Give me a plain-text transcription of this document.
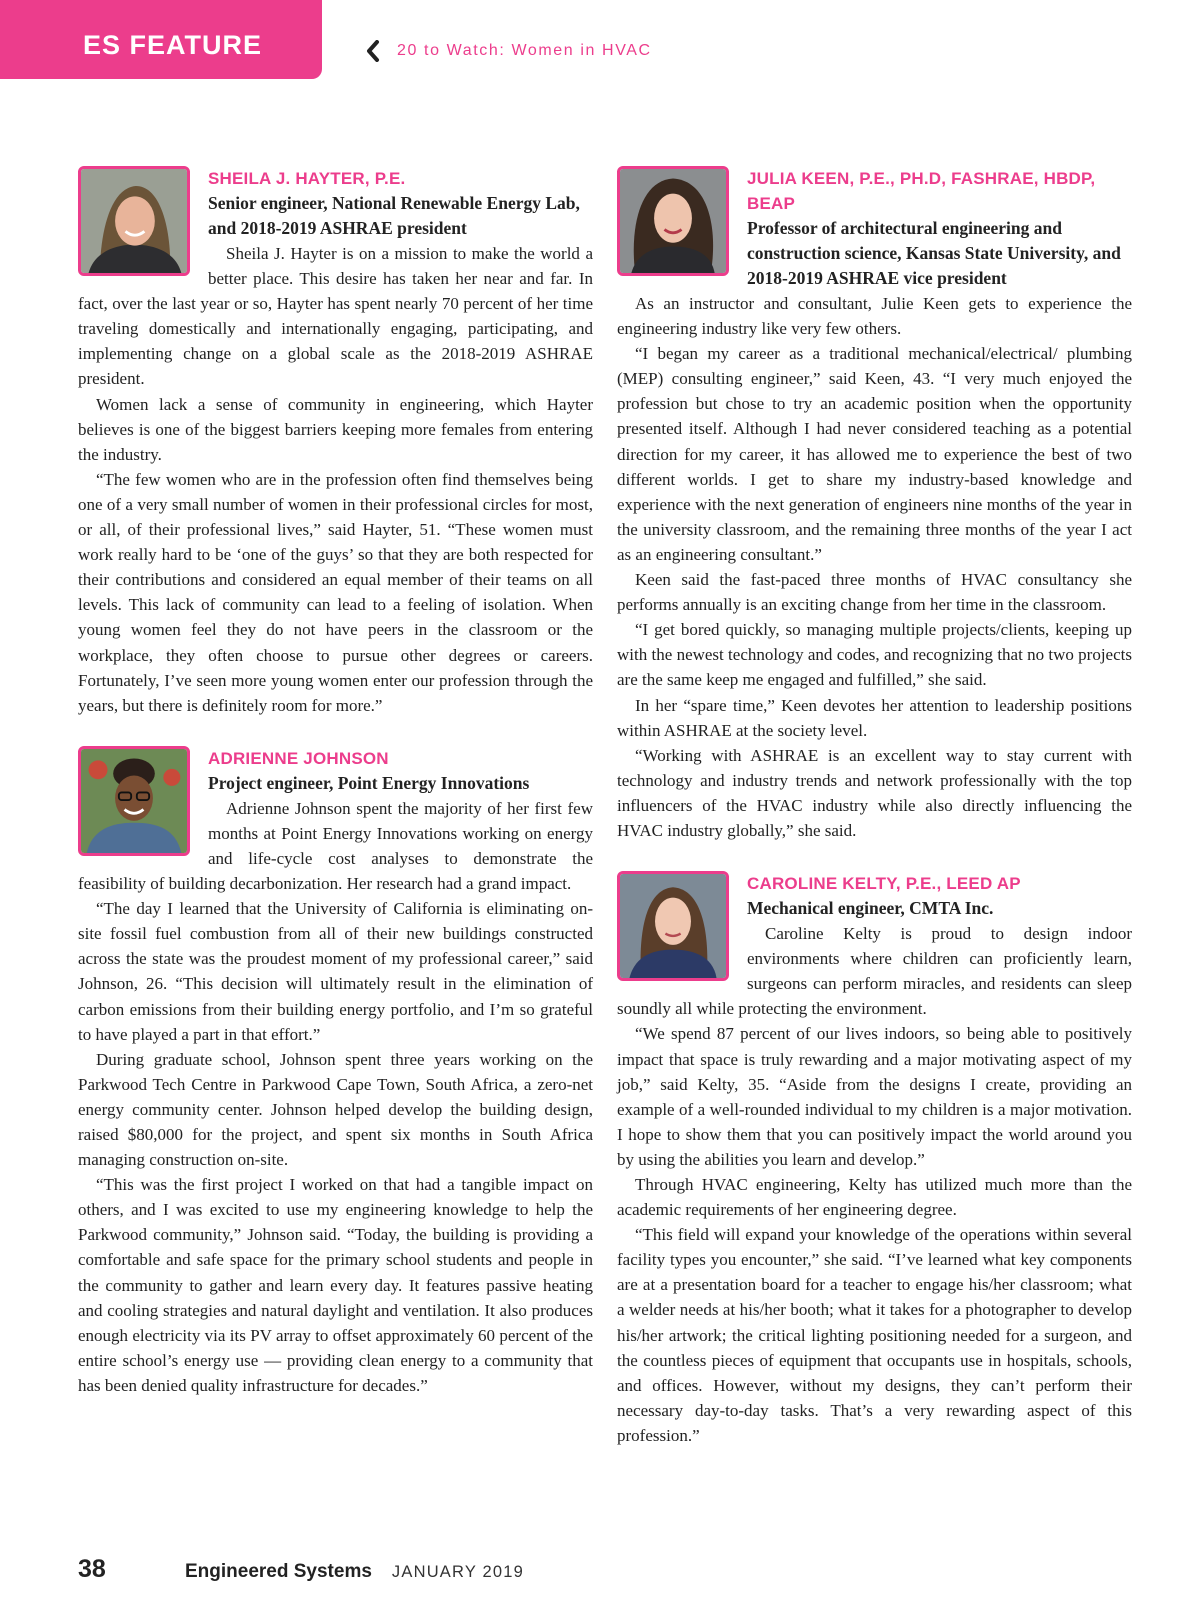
ES FEATURE	20 to Watch: Women in HVAC

SHEILA J. HAYTER, P.E.

Senior engineer, National Renewable Energy Lab, and 2018-2019 ASHRAE president

Sheila J. Hayter is on a mission to make the world a better place. This desire has taken her near and far. In fact, over the last year or so, Hayter has spent nearly 70 percent of her time traveling domestically and internationally engaging, participating, and implementing change on a global scale as the 2018-2019 ASHRAE president.

Women lack a sense of community in engineering, which Hayter believes is one of the biggest barriers keeping more females from entering the industry.

“The few women who are in the profession often find themselves being one of a very small number of women in their professional circles for most, or all, of their professional lives,” said Hayter, 51. “These women must work really hard to be ‘one of the guys’ so that they are both respected for their contributions and considered an equal member of their teams on all levels. This lack of community can lead to a feeling of isolation. When young women feel they do not have peers in the classroom or the workplace, they often choose to pursue other degrees or careers. Fortunately, I’ve seen more young women enter our profession through the years, but there is definitely room for more.”

ADRIENNE JOHNSON

Project engineer, Point Energy Innovations

Adrienne Johnson spent the majority of her first few months at Point Energy Innovations working on energy and life-cycle cost analyses to demonstrate the feasibility of building decarbonization. Her research had a grand impact.

“The day I learned that the University of California is eliminating on-site fossil fuel combustion from all of their new buildings constructed across the state was the proudest moment of my professional career,” said Johnson, 26. “This decision will ultimately result in the elimination of carbon emissions from their building energy portfolio, and I’m so grateful to have played a part in that effort.”

During graduate school, Johnson spent three years working on the Parkwood Tech Centre in Parkwood Cape Town, South Africa, a zero-net energy community center. Johnson helped develop the building design, raised $80,000 for the project, and spent six months in South Africa managing construction on-site.

“This was the first project I worked on that had a tangible impact on others, and I was excited to use my engineering knowledge to help the Parkwood community,” Johnson said. “Today, the building is providing a comfortable and safe space for the primary school students and people in the community to gather and learn every day. It features passive heating and cooling strategies and natural daylight and ventilation. It also produces enough electricity via its PV array to offset approximately 60 percent of the entire school’s energy use — providing clean energy to a community that has been denied quality infrastructure for decades.”

JULIA KEEN, P.E., PH.D, FASHRAE, HBDP, BEAP

Professor of architectural engineering and construction science, Kansas State University, and 2018-2019 ASHRAE vice president

As an instructor and consultant, Julie Keen gets to experience the engineering industry like very few others.

“I began my career as a traditional mechanical/electrical/ plumbing (MEP) consulting engineer,” said Keen, 43. “I very much enjoyed the profession but chose to try an academic position when the opportunity presented itself. Although I had never considered teaching as a potential direction for my career, it has allowed me to experience the best of two different worlds. I get to share my industry-based knowledge and experience with the next generation of engineers nine months of the year in the university classroom, and the remaining three months of the year I act as an engineering consultant.”

Keen said the fast-paced three months of HVAC consultancy she performs annually is an exciting change from her time in the classroom.

“I get bored quickly, so managing multiple projects/clients, keeping up with the newest technology and codes, and recognizing that no two projects are the same keep me engaged and fulfilled,” she said.

In her “spare time,” Keen devotes her attention to leadership positions within ASHRAE at the society level.

“Working with ASHRAE is an excellent way to stay current with technology and industry trends and network professionally with the top influencers of the HVAC industry while also directly influencing the HVAC industry globally,” she said.

CAROLINE KELTY, P.E., LEED AP

Mechanical engineer, CMTA Inc.

Caroline Kelty is proud to design indoor environments where children can proficiently learn, surgeons can perform miracles, and residents can sleep soundly all while protecting the environment.

“We spend 87 percent of our lives indoors, so being able to positively impact that space is truly rewarding and a major motivating aspect of my job,” said Kelty, 35. “Aside from the designs I create, providing an example of a well-rounded individual to my children is a major motivation. I hope to show them that you can positively impact the world around you by using the abilities you learn and develop.”

Through HVAC engineering, Kelty has utilized much more than the academic requirements of her engineering degree.

“This field will expand your knowledge of the operations within several facility types you encounter,” she said. “I’ve learned what key components are at a presentation board for a teacher to engage his/her classroom; what a welder needs at his/her booth; what it takes for a photographer to develop his/her artwork; the critical lighting positioning needed for a surgeon, and the countless pieces of equipment that occupants use in hospitals, schools, and offices. However, without my designs, they can’t perform their necessary day-to-day tasks. That’s a very rewarding aspect of this profession.”

38	Engineered Systems JANUARY 2019
